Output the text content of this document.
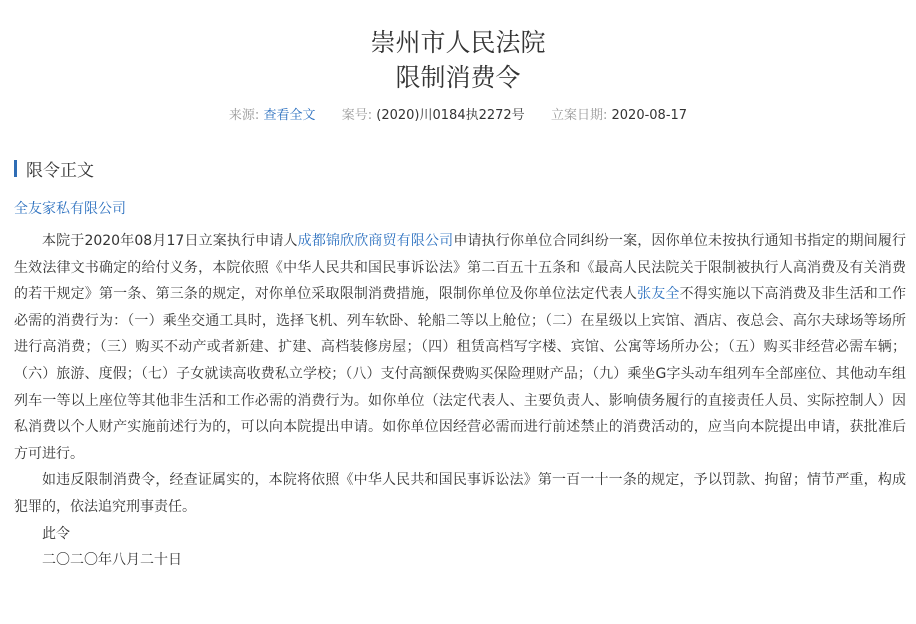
崇州市人民法院
限制消费令
来源: 查看全文 案号: (2020)川0184执2272号 立案日期: 2020-08-17
限令正文
全友家私有限公司

本院于2020年08月17日立案执行申请人成都锦欣欣商贸有限公司申请执行你单位合同纠纷一案，因你单位未按执行通知书指定的期间履行生效法律文书确定的给付义务，本院依照《中华人民共和国民事诉讼法》第二百五十五条和《最高人民法院关于限制被执行人高消费及有关消费的若干规定》第一条、第三条的规定，对你单位采取限制消费措施，限制你单位及你单位法定代表人张友全不得实施以下高消费及非生活和工作必需的消费行为：（一）乘坐交通工具时，选择飞机、列车软卧、轮船二等以上舱位；（二）在星级以上宾馆、酒店、夜总会、高尔夫球场等场所进行高消费；（三）购买不动产或者新建、扩建、高档装修房屋；（四）租赁高档写字楼、宾馆、公寓等场所办公；（五）购买非经营必需车辆；（六）旅游、度假；（七）子女就读高收费私立学校；（八）支付高额保费购买保险理财产品；（九）乘坐G字头动车组列车全部座位、其他动车组列车一等以上座位等其他非生活和工作必需的消费行为。如你单位（法定代表人、主要负责人、影响债务履行的直接责任人员、实际控制人）因私消费以个人财产实施前述行为的，可以向本院提出申请。如你单位因经营必需而进行前述禁止的消费活动的，应当向本院提出申请，获批准后方可进行。

如违反限制消费令，经查证属实的，本院将依照《中华人民共和国民事诉讼法》第一百一十一条的规定，予以罚款、拘留；情节严重，构成犯罪的，依法追究刑事责任。

此令

二〇二〇年八月二十日
